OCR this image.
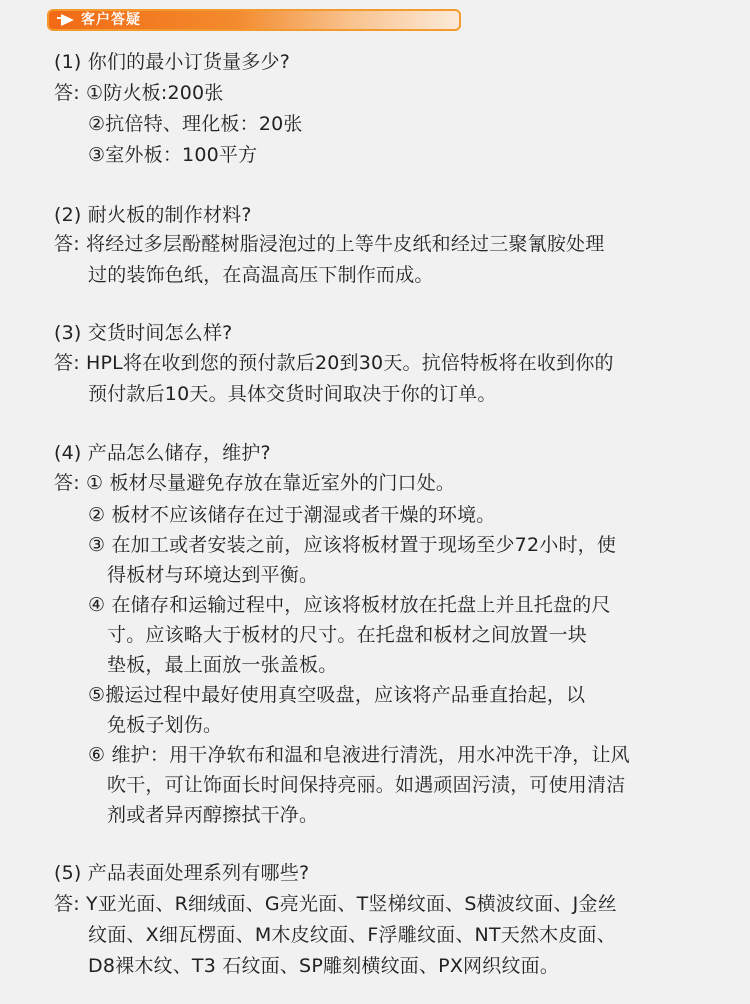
客户答疑
(1) 你们的最小订货量多少?
答: ①防火板:200张
②抗倍特、理化板：20张
③室外板：100平方
(2) 耐火板的制作材料?
答: 将经过多层酚醛树脂浸泡过的上等牛皮纸和经过三聚氰胺处理
过的装饰色纸，在高温高压下制作而成。
(3) 交货时间怎么样?
答: HPL将在收到您的预付款后20到30天。抗倍特板将在收到你的
预付款后10天。具体交货时间取决于你的订单。
(4) 产品怎么储存，维护?
答: ① 板材尽量避免存放在靠近室外的门口处。
② 板材不应该储存在过于潮湿或者干燥的环境。
③ 在加工或者安装之前，应该将板材置于现场至少72小时，使
得板材与环境达到平衡。
④ 在储存和运输过程中，应该将板材放在托盘上并且托盘的尺
寸。应该略大于板材的尺寸。在托盘和板材之间放置一块
垫板，最上面放一张盖板。
⑤搬运过程中最好使用真空吸盘，应该将产品垂直抬起，以
免板子划伤。
⑥ 维护：用干净软布和温和皂液进行清洗，用水冲洗干净，让风
吹干，可让饰面长时间保持亮丽。如遇顽固污渍，可使用清洁
剂或者异丙醇擦拭干净。
(5) 产品表面处理系列有哪些?
答: Y亚光面、R细绒面、G亮光面、T竖梯纹面、S横波纹面、J金丝
纹面、X细瓦楞面、M木皮纹面、F浮雕纹面、NT天然木皮面、
D8裸木纹、T3 石纹面、SP雕刻横纹面、PX网织纹面。
